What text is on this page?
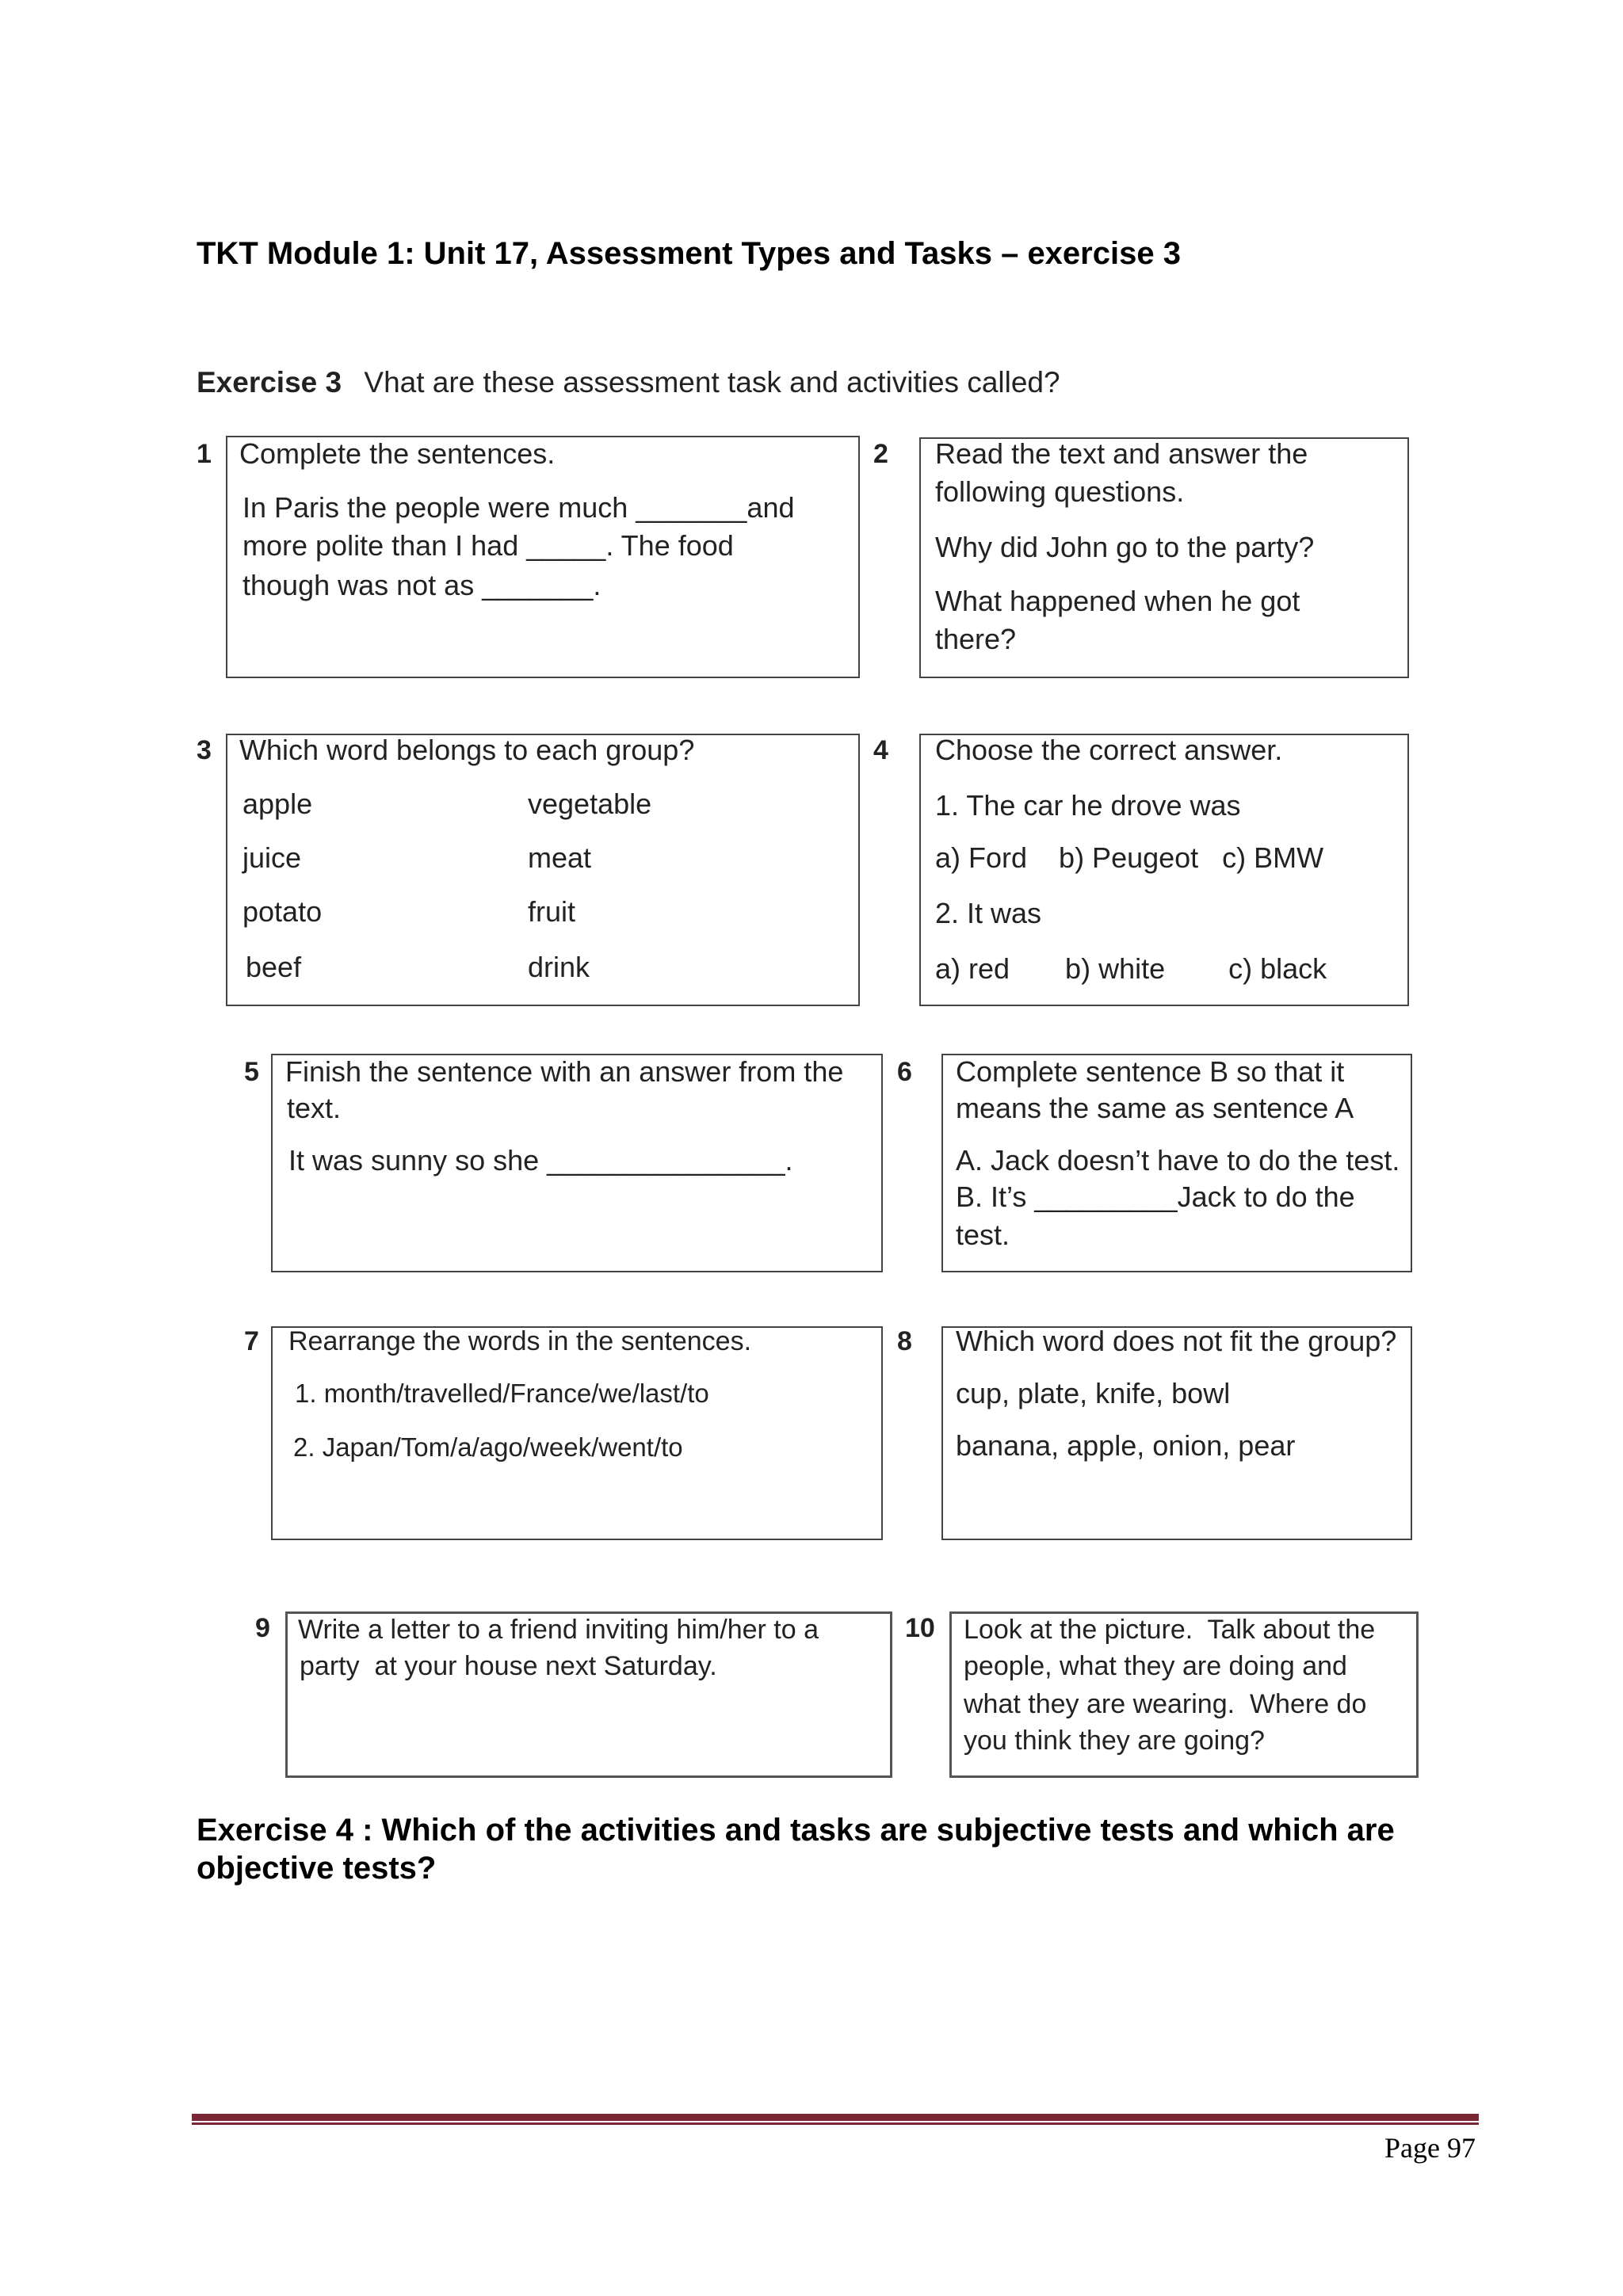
TKT Module 1: Unit 17, Assessment Types and Tasks – exercise 3
Exercise 3 Vhat are these assessment task and activities called?
1 Complete the sentences.
In Paris the people were much _______and
more polite than I had _____. The food
though was not as _______.
2 Read the text and answer the
following questions.
Why did John go to the party?
What happened when he got
there?
3 Which word belongs to each group?
apple
juice
potato
beef
vegetable
meat
fruit
drink
4 Choose the correct answer.
1. The car he drove was
a) Ford    b) Peugeot   c) BMW
2. It was
a) red       b) white        c) black
5 Finish the sentence with an answer from the
text.
It was sunny so she _______________.
6 Complete sentence B so that it
means the same as sentence A
A. Jack doesn’t have to do the test.
B. It’s _________Jack to do the
test.
7 Rearrange the words in the sentences.
1. month/travelled/France/we/last/to
2. Japan/Tom/a/ago/week/went/to
8 Which word does not fit the group?
cup, plate, knife, bowl
banana, apple, onion, pear
9 Write a letter to a friend inviting him/her to a
party  at your house next Saturday.
10 Look at the picture.  Talk about the
people, what they are doing and
what they are wearing.  Where do
you think they are going?
Exercise 4 : Which of the activities and tasks are subjective tests and which are
objective tests?
Page 97
